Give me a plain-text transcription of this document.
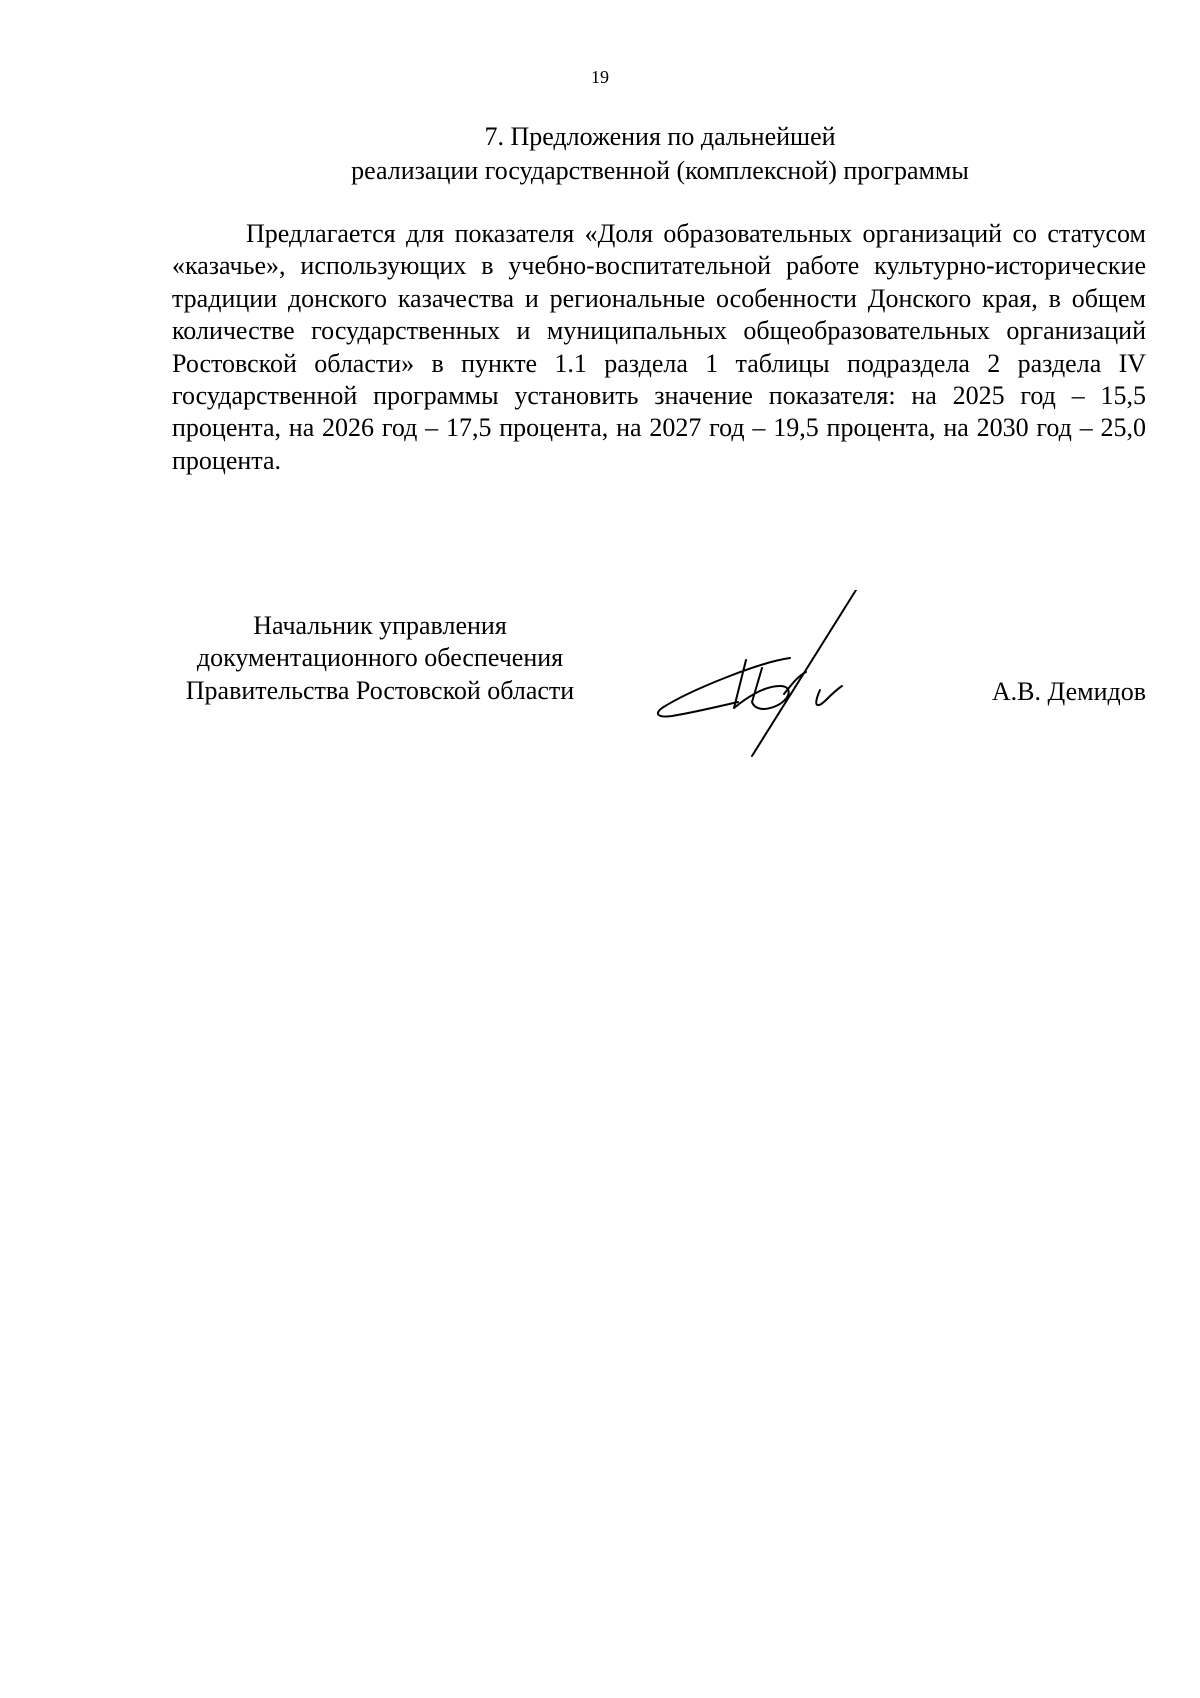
19
7. Предложения по дальнейшей
реализации государственной (комплексной) программы

Предлагается для показателя «Доля образовательных организаций со статусом «казачье», использующих в учебно-воспитательной работе культурно-исторические традиции донского казачества и региональные особенности Донского края, в общем количестве государственных и муниципальных общеобразовательных организаций Ростовской области» в пункте 1.1 раздела 1 таблицы подраздела 2 раздела IV государственной программы установить значение показателя: на 2025 год – 15,5 процента, на 2026 год – 17,5 процента, на 2027 год – 19,5 процента, на 2030 год – 25,0 процента.

Начальник управления
документационного обеспечения
Правительства Ростовской области	А.В. Демидов
